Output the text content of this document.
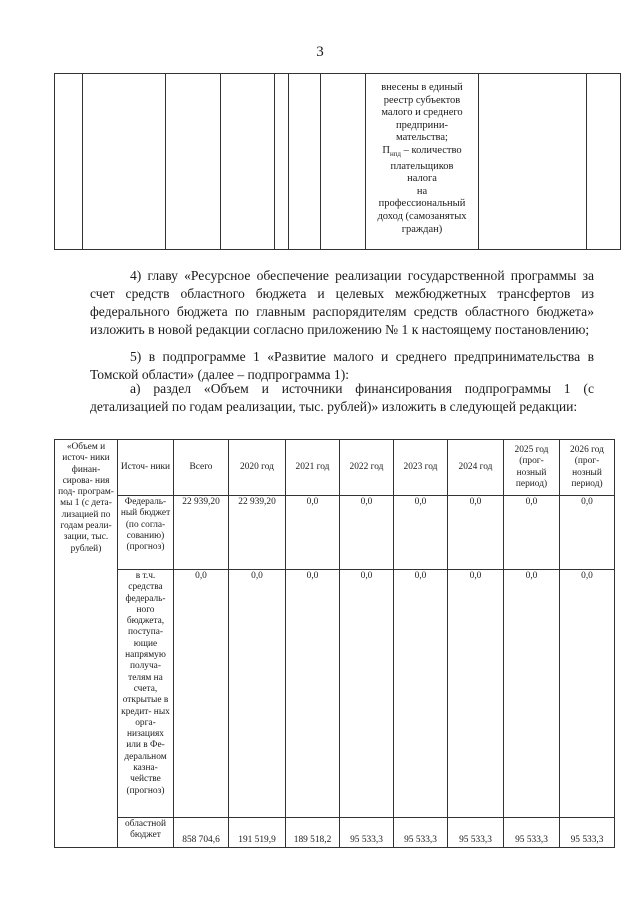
3

внесены в единый
реестр субъектов
малого и среднего
предприни-
мательства;
$П_{нпд}$ – количество
плательщиков
налога
на
профессиональный
доход (самозанятых
граждан)

4) главу «Ресурсное обеспечение реализации государственной программы за счет средств областного бюджета и целевых межбюджетных трансфертов из федерального бюджета по главным распорядителям средств областного бюджета» изложить в новой редакции согласно приложению № 1 к настоящему постановлению;

5) в подпрограмме 1 «Развитие малого и среднего предпринимательства в Томской области» (далее – подпрограмма 1):

а) раздел «Объем и источники финансирования подпрограммы 1 (с детализацией по годам реализации, тыс. рублей)» изложить в следующей редакции:

«Объем и источ- ники финан- сирова- ния под- програм- мы 1 (с дета- лизацией по годам реали- зации, тыс. рублей)	Источ- ники	Всего	2020 год	2021 год	2022 год	2023 год	2024 год	2025 год (прог- нозный период)	2026 год (прог- нозный период)
	Федераль- ный бюджет (по согла- сованию) (прогноз)	22 939,20	22 939,20	0,0	0,0	0,0	0,0	0,0	0,0
	в т.ч. средства федераль- ного бюджета, поступа- ющие напрямую получа- телям на счета, открытые в кредит- ных орга- низациях или в Фе- деральном казна- чействе (прогноз)	0,0	0,0	0,0	0,0	0,0	0,0	0,0	0,0
	областной бюджет	858 704,6	191 519,9	189 518,2	95 533,3	95 533,3	95 533,3	95 533,3	95 533,3
